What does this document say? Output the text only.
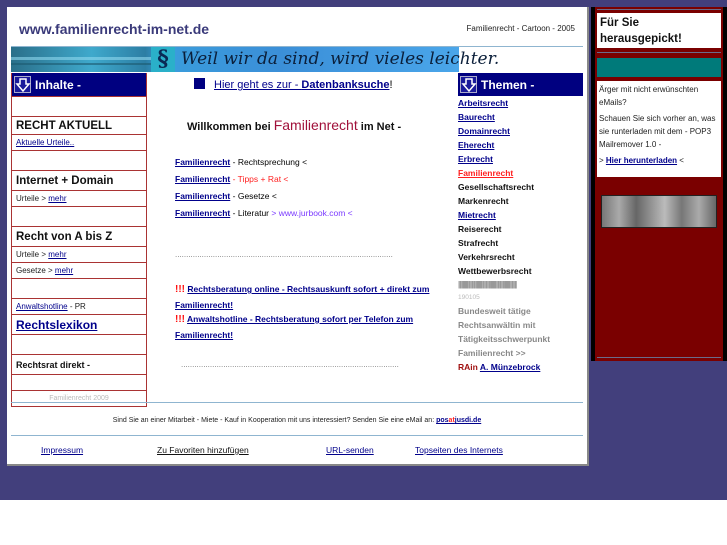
www.familienrecht-im-net.de	Familienrecht - Cartoon - 2005
§ Weil wir da sind, wird vieles leichter.
Inhalte -
RECHT AKTUELL
Aktuelle Urteile..
Internet + Domain
Urteile >
mehr
Recht von A bis Z
Urteile >
mehr
Gesetze >
mehr
Anwaltshotline
- PR
Rechtslexikon
Rechtsrat direkt -
Familienrecht 2009
Hier geht es zur - Datenbanksuche!
Willkommen bei Familienrecht im Net -
Familienrecht - Rechtsprechung <
Familienrecht - Tipps + Rat <
Familienrecht - Gesetze <
Familienrecht - Literatur > www.jurbook.com <
..................................................................................................
!!! Rechtsberatung online - Rechtsauskunft sofort + direkt zum Familienrecht!
!!! Anwaltshotline - Rechtsberatung sofort per Telefon zum Familienrecht!
..................................................................................................
Themen -
Arbeitsrecht
Baurecht
Domainrecht
Eherecht
Erbrecht
Familienrecht
Gesellschaftsrecht
Markenrecht
Mietrecht
Reiserecht
Strafrecht
Verkehrsrecht
Wettbewerbsrecht
||||||||||||||||||||||||||||||||||||||||||||||||||||||
190105
Bundesweit tätige Rechtsanwältin mit Tätigkeitsschwerpunkt Familienrecht >>
RAin A. Münzebrock
Sind Sie an einer Mitarbeit - Miete - Kauf in Kooperation mit uns interessiert? Senden Sie eine eMail an: posatjusdi.de
Impressum	Zu Favoriten hinzufügen	URL-senden	Topseiten des Internets
Für Sie herausgepickt!
Ärger mit nicht erwünschten eMails?
Schauen Sie sich vorher an, was sie runterladen mit dem - POP3 Mailremover 1.0 -
> Hier herunterladen <
